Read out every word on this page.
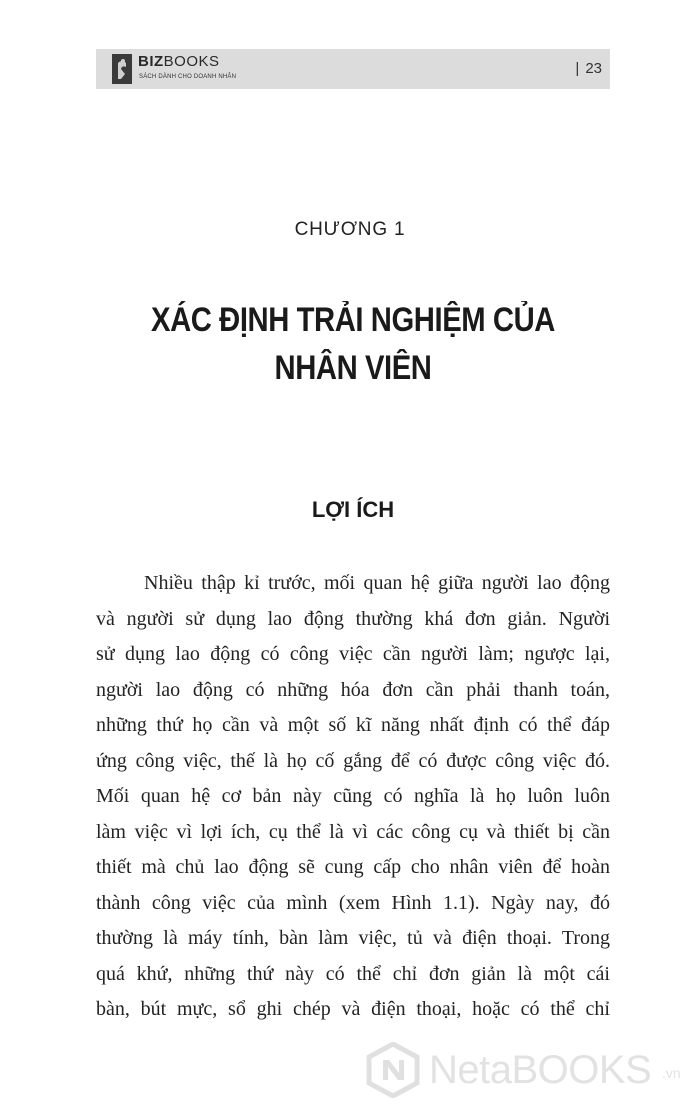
BIZBOOKS
SÁCH DÀNH CHO DOANH NHÂN	| 23
CHƯƠNG 1
XÁC ĐỊNH TRẢI NGHIỆM CỦA
NHÂN VIÊN
LỢI ÍCH
Nhiều thập kỉ trước, mối quan hệ giữa người lao động
và người sử dụng lao động thường khá đơn giản. Người
sử dụng lao động có công việc cần người làm; ngược lại,
người lao động có những hóa đơn cần phải thanh toán,
những thứ họ cần và một số kĩ năng nhất định có thể đáp
ứng công việc, thế là họ cố gắng để có được công việc đó.
Mối quan hệ cơ bản này cũng có nghĩa là họ luôn luôn
làm việc vì lợi ích, cụ thể là vì các công cụ và thiết bị cần
thiết mà chủ lao động sẽ cung cấp cho nhân viên để hoàn
thành công việc của mình (xem Hình 1.1). Ngày nay, đó
thường là máy tính, bàn làm việc, tủ và điện thoại. Trong
quá khứ, những thứ này có thể chỉ đơn giản là một cái
bàn, bút mực, sổ ghi chép và điện thoại, hoặc có thể chỉ
NetaBOOKS .vn
